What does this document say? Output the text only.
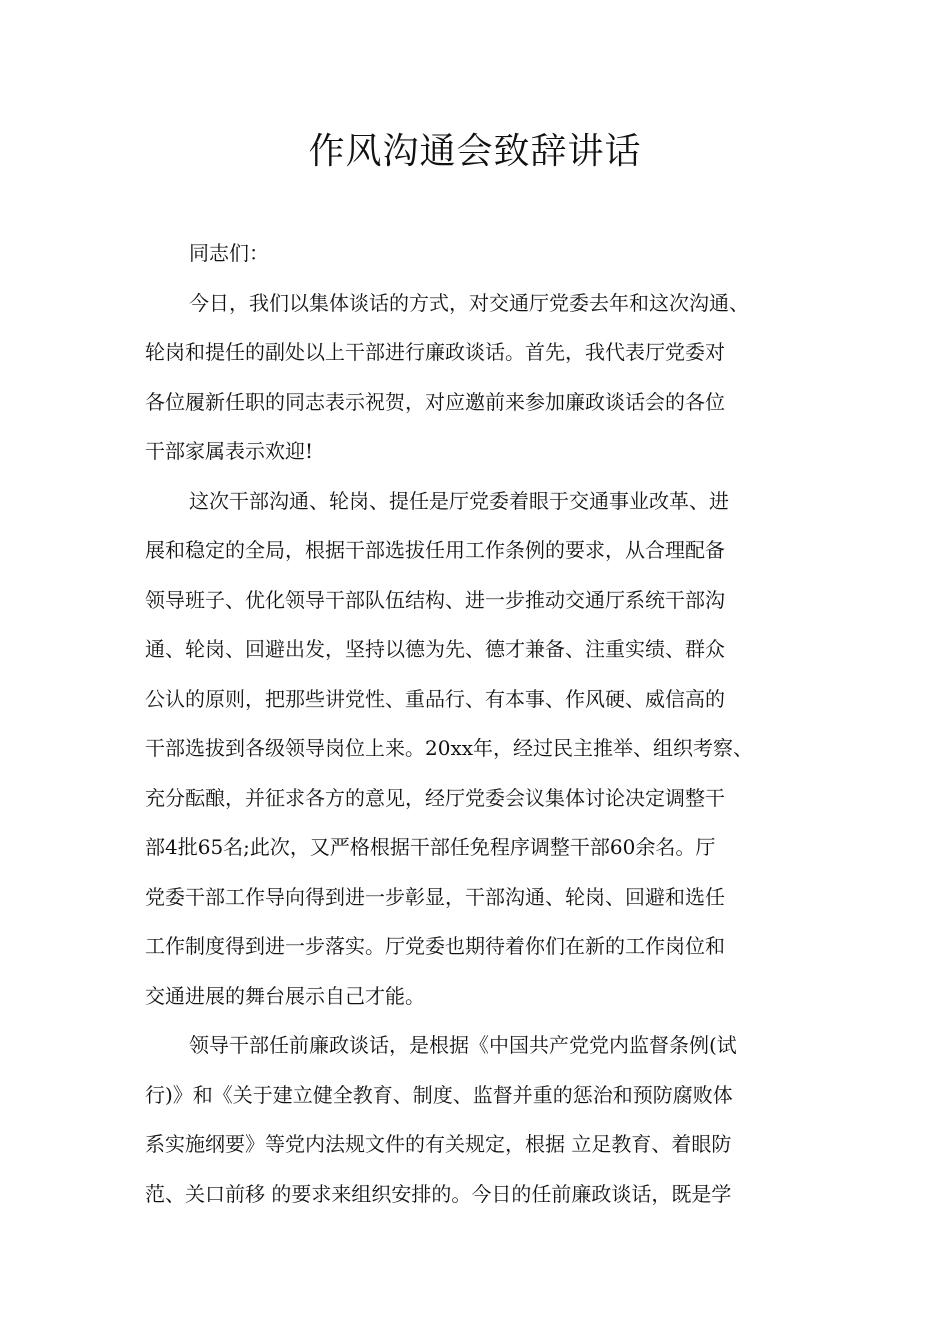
作风沟通会致辞讲话

同志们：

今日，我们以集体谈话的方式，对交通厅党委去年和这次沟通、
轮岗和提任的副处以上干部进行廉政谈话。首先，我代表厅党委对
各位履新任职的同志表示祝贺，对应邀前来参加廉政谈话会的各位
干部家属表示欢迎!

这次干部沟通、轮岗、提任是厅党委着眼于交通事业改革、进
展和稳定的全局，根据干部选拔任用工作条例的要求，从合理配备
领导班子、优化领导干部队伍结构、进一步推动交通厅系统干部沟
通、轮岗、回避出发，坚持以德为先、德才兼备、注重实绩、群众
公认的原则，把那些讲党性、重品行、有本事、作风硬、威信高的
干部选拔到各级领导岗位上来。20xx年，经过民主推举、组织考察、
充分酝酿，并征求各方的意见，经厅党委会议集体讨论决定调整干
部4批65名;此次，又严格根据干部任免程序调整干部60余名。厅
党委干部工作导向得到进一步彰显，干部沟通、轮岗、回避和选任
工作制度得到进一步落实。厅党委也期待着你们在新的工作岗位和
交通进展的舞台展示自己才能。

领导干部任前廉政谈话，是根据《中国共产党党内监督条例(试
行)》和《关于建立健全教育、制度、监督并重的惩治和预防腐败体
系实施纲要》等党内法规文件的有关规定，根据 立足教育、着眼防
范、关口前移 的要求来组织安排的。今日的任前廉政谈话，既是学
